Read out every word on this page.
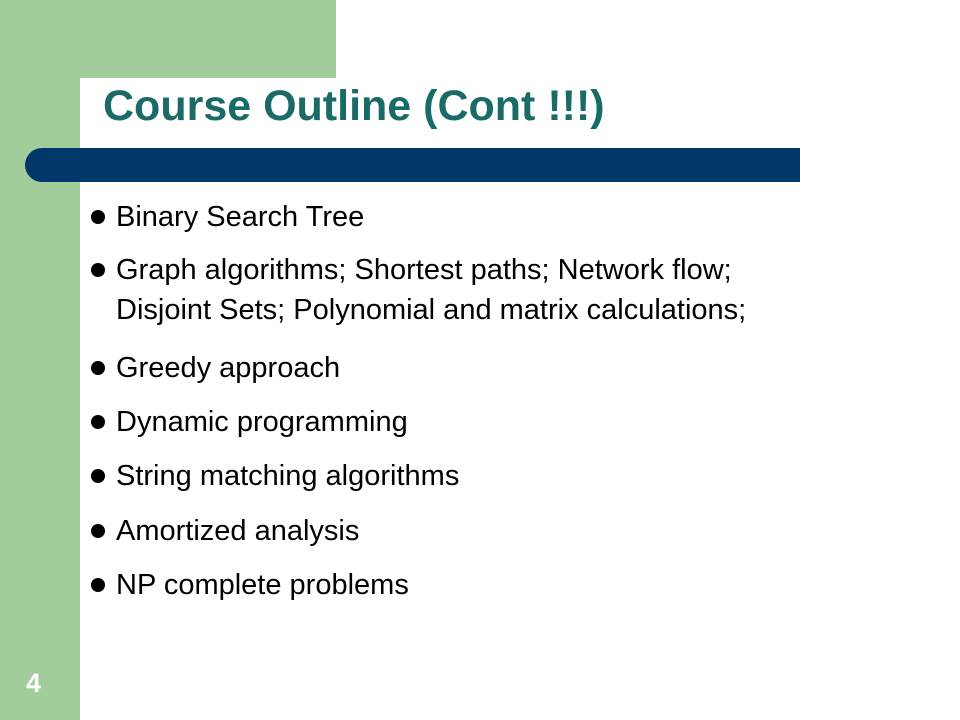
Course Outline (Cont !!!)
Binary Search Tree
Graph algorithms; Shortest paths; Network flow;
Disjoint Sets; Polynomial and matrix calculations;
Greedy approach
Dynamic programming
String matching algorithms
Amortized analysis
NP complete problems
4
